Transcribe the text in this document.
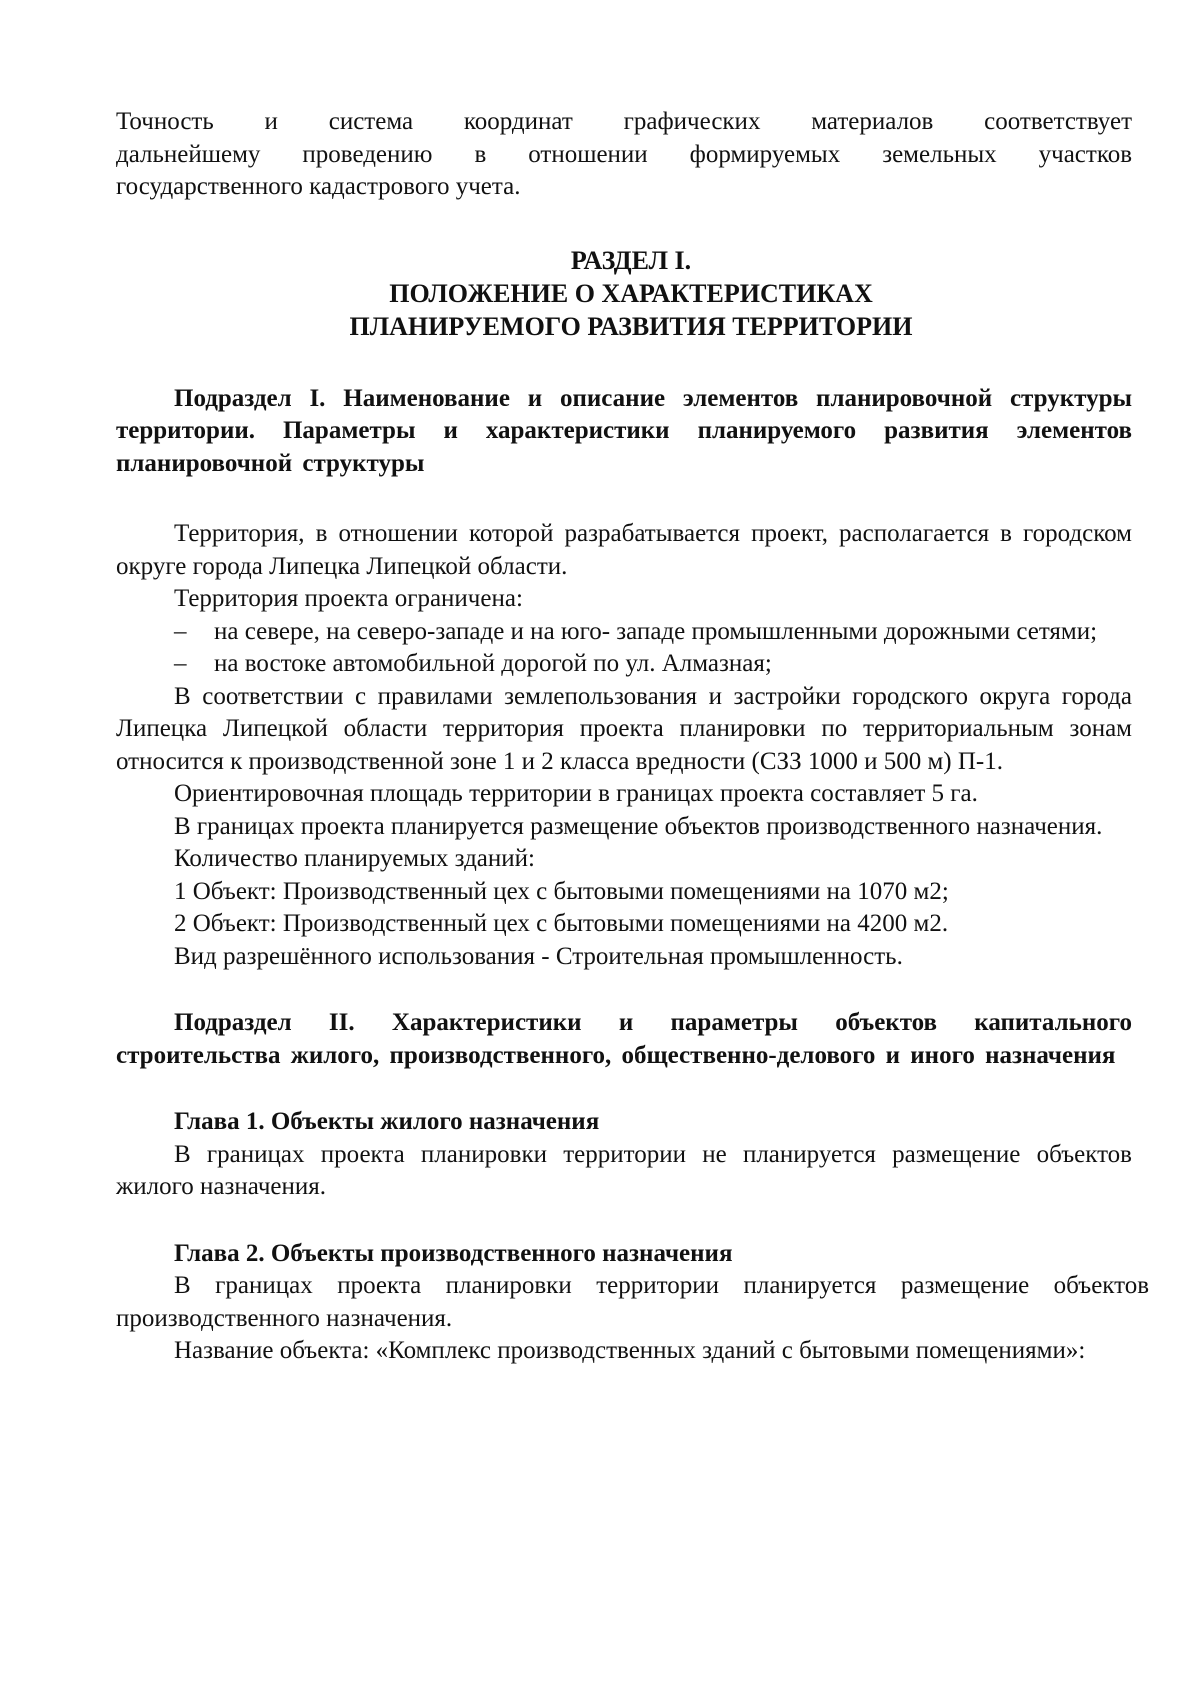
Точность и система координат графических материалов соответствует

дальнейшему проведению в отношении формируемых земельных участков

государственного кадастрового учета.

РАЗДЕЛ I.

ПОЛОЖЕНИЕ О ХАРАКТЕРИСТИКАХ

ПЛАНИРУЕМОГО РАЗВИТИЯ ТЕРРИТОРИИ

Подраздел I. Наименование и описание элементов планировочной структуры территории. Параметры и характеристики планируемого развития элементов планировочной структуры

Территория, в отношении которой разрабатывается проект, располагается в городском округе города Липецка Липецкой области.

Территория проекта ограничена:

– на севере, на северо-западе и на юго- западе промышленными дорожными сетями;

– на востоке автомобильной дорогой по ул. Алмазная;

В соответствии с правилами землепользования и застройки городского округа города Липецка Липецкой области территория проекта планировки по территориальным зонам относится к производственной зоне 1 и 2 класса вредности (СЗЗ 1000 и 500 м) П-1.

Ориентировочная площадь территории в границах проекта составляет 5 га.

В границах проекта планируется размещение объектов производственного назначения.

Количество планируемых зданий:

1 Объект: Производственный цех с бытовыми помещениями на 1070 м2;

2 Объект: Производственный цех с бытовыми помещениями на 4200 м2.

Вид разрешённого использования - Строительная промышленность.

Подраздел II. Характеристики и параметры объектов капитального строительства жилого, производственного, общественно-делового и иного назначения

Глава 1. Объекты жилого назначения

В границах проекта планировки территории не планируется размещение объектов жилого назначения.

Глава 2. Объекты производственного назначения

В границах проекта планировки территории планируется размещение объектов производственного назначения.

Название объекта: «Комплекс производственных зданий с бытовыми помещениями»:
